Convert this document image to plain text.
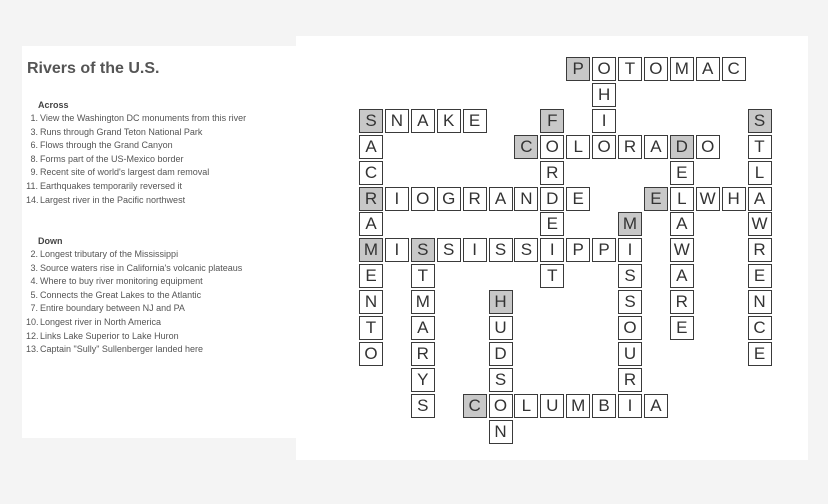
Rivers of the U.S.
Across
1. View the Washington DC monuments from this river
3. Runs through Grand Teton National Park
6. Flows through the Grand Canyon
8. Forms part of the US-Mexico border
9. Recent site of world's largest dam removal
11. Earthquakes temporarily reversed it
14.Largest river in the Pacific northwest
Down
2. Longest tributary of the Mississippi
3. Source waters rise in California's volcanic plateaus
4. Where to buy river monitoring equipment
5. Connects the Great Lakes to the Atlantic
7. Entire boundary between NJ and PA
10.Longest river in North America
12.Links Lake Superior to Lake Huron
13.Captain "Sully" Sullenberger landed here
P O T O M A C
H
I
O
S N A K E
A
C
R
A
M
E
N
T
O
F
O
R
D
E
I
T
S
T
L
A
W
R
E
N
C
E
C	L	R A D O
E
L
A
W
A
R
E
I O G R A N	E	E	W H
M
I
S
S
O
U
R
I
I	S S	I	S S	P P
T
M
A
R
Y
S
H
U
D
S
O
N
C	L U M B	A
